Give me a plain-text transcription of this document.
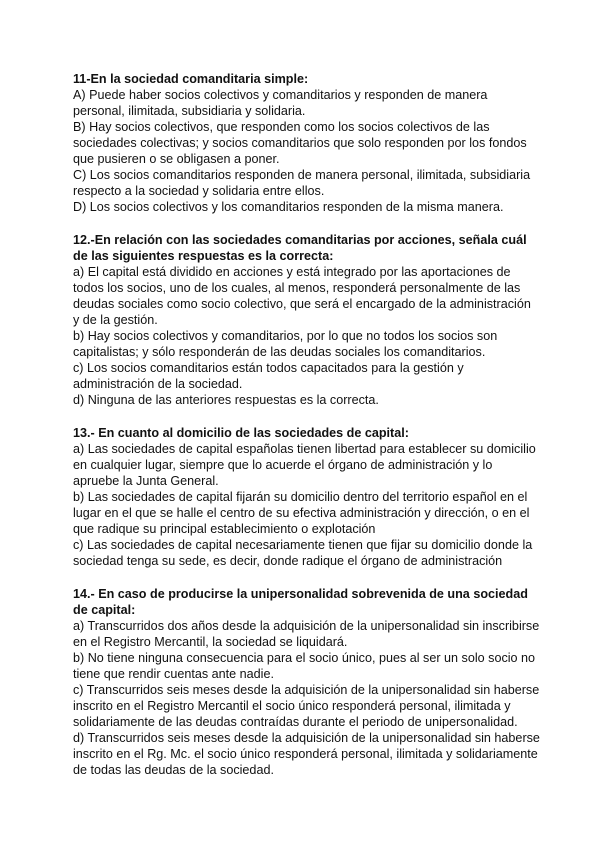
11-En la sociedad comanditaria simple:

A) Puede haber socios colectivos y comanditarios y responden de manera personal, ilimitada, subsidiaria y solidaria.

B) Hay socios colectivos, que responden como los socios colectivos de las sociedades colectivas; y socios comanditarios que solo responden por los fondos que pusieren o se obligasen a poner.

C) Los socios comanditarios responden de manera personal, ilimitada, subsidiaria respecto a la sociedad y solidaria entre ellos.

D) Los socios colectivos y los comanditarios responden de la misma manera.

12.-En relación con las sociedades comanditarias por acciones, señala cuál de las siguientes respuestas es la correcta:

a) El capital está dividido en acciones y está integrado por las aportaciones de todos los socios, uno de los cuales, al menos, responderá personalmente de las deudas sociales como socio colectivo, que será el encargado de la administración y de la gestión.

b) Hay socios colectivos y comanditarios, por lo que no todos los socios son capitalistas; y sólo responderán de las deudas sociales los comanditarios.

c) Los socios comanditarios están todos capacitados para la gestión y administración de la sociedad.

d) Ninguna de las anteriores respuestas es la correcta.

13.- En cuanto al domicilio de las sociedades de capital:

a) Las sociedades de capital españolas tienen libertad para establecer su domicilio en cualquier lugar, siempre que lo acuerde el órgano de administración y lo apruebe la Junta General.

b) Las sociedades de capital fijarán su domicilio dentro del territorio español en el lugar en el que se halle el centro de su efectiva administración y dirección, o en el que radique su principal establecimiento o explotación

c) Las sociedades de capital necesariamente tienen que fijar su domicilio donde la sociedad tenga su sede, es decir, donde radique el órgano de administración

14.- En caso de producirse la unipersonalidad sobrevenida de una sociedad de capital:

a) Transcurridos dos años desde la adquisición de la unipersonalidad sin inscribirse en el Registro Mercantil, la sociedad se liquidará.

b) No tiene ninguna consecuencia para el socio único, pues al ser un solo socio no tiene que rendir cuentas ante nadie.

c) Transcurridos seis meses desde la adquisición de la unipersonalidad sin haberse inscrito en el Registro Mercantil el socio único responderá personal, ilimitada y solidariamente de las deudas contraídas durante el periodo de unipersonalidad.

d) Transcurridos seis meses desde la adquisición de la unipersonalidad sin haberse inscrito en el Rg. Mc. el socio único responderá personal, ilimitada y solidariamente de todas las deudas de la sociedad.
